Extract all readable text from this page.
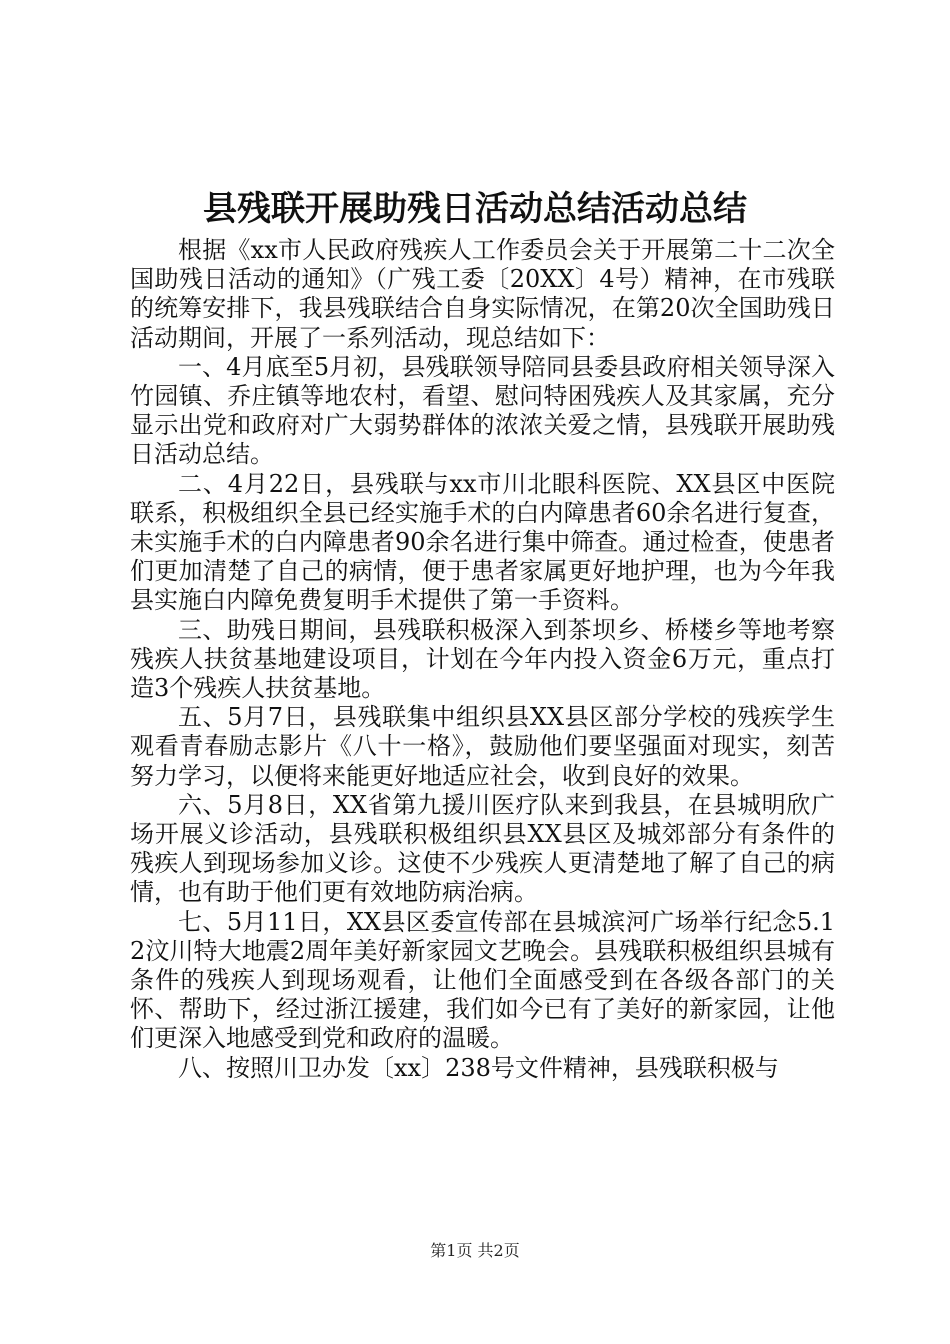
县残联开展助残日活动总结活动总结

根据《xx市人民政府残疾人工作委员会关于开展第二十二次全国助残日活动的通知》（广残工委〔20XX〕4号）精神，在市残联的统筹安排下，我县残联结合自身实际情况，在第20次全国助残日活动期间，开展了一系列活动，现总结如下：

一、4月底至5月初，县残联领导陪同县委县政府相关领导深入竹园镇、乔庄镇等地农村，看望、慰问特困残疾人及其家属，充分显示出党和政府对广大弱势群体的浓浓关爱之情，县残联开展助残日活动总结。

二、4月22日，县残联与xx市川北眼科医院、XX县区中医院联系，积极组织全县已经实施手术的白内障患者60余名进行复查，未实施手术的白内障患者90余名进行集中筛查。通过检查，使患者们更加清楚了自己的病情，便于患者家属更好地护理，也为今年我县实施白内障免费复明手术提供了第一手资料。

三、助残日期间，县残联积极深入到茶坝乡、桥楼乡等地考察残疾人扶贫基地建设项目，计划在今年内投入资金6万元，重点打造3个残疾人扶贫基地。

五、5月7日，县残联集中组织县XX县区部分学校的残疾学生观看青春励志影片《八十一格》，鼓励他们要坚强面对现实，刻苦努力学习，以便将来能更好地适应社会，收到良好的效果。

六、5月8日，XX省第九援川医疗队来到我县，在县城明欣广场开展义诊活动，县残联积极组织县XX县区及城郊部分有条件的残疾人到现场参加义诊。这使不少残疾人更清楚地了解了自己的病情，也有助于他们更有效地防病治病。

七、5月11日，XX县区委宣传部在县城滨河广场举行纪念5.12汶川特大地震2周年美好新家园文艺晚会。县残联积极组织县城有条件的残疾人到现场观看，让他们全面感受到在各级各部门的关怀、帮助下，经过浙江援建，我们如今已有了美好的新家园，让他们更深入地感受到党和政府的温暖。

八、按照川卫办发〔xx〕238号文件精神，县残联积极与

第1页 共2页
